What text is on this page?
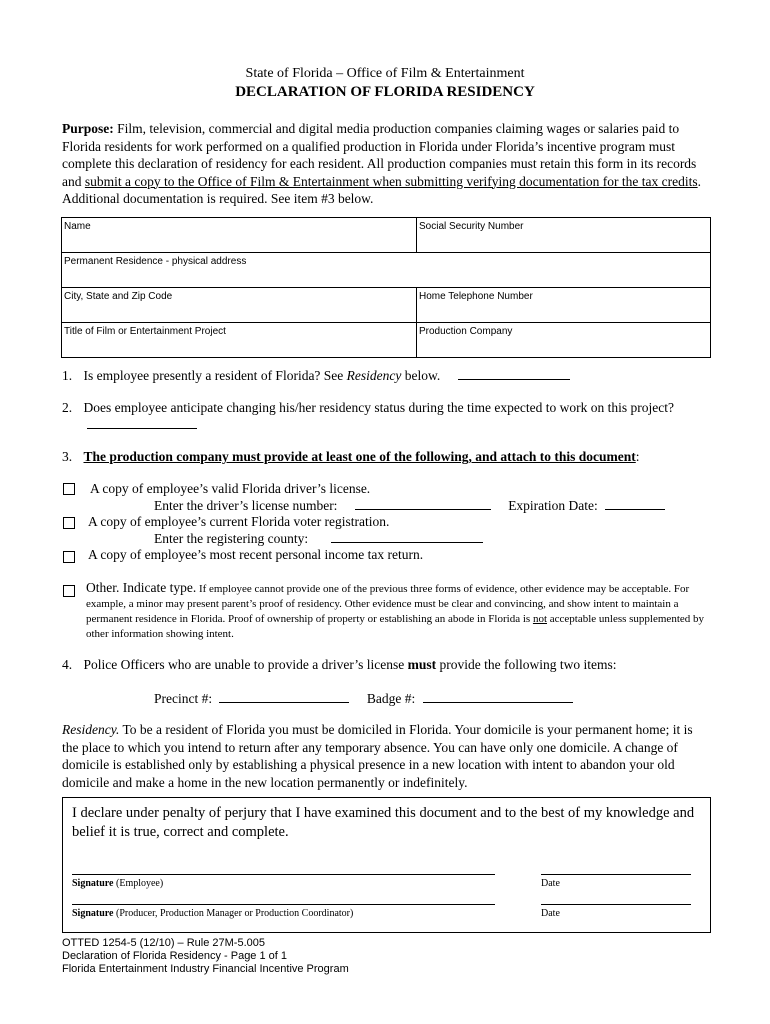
State of Florida – Office of Film & Entertainment
DECLARATION OF FLORIDA RESIDENCY

Purpose: Film, television, commercial and digital media production companies claiming wages or salaries paid to Florida residents for work performed on a qualified production in Florida under Florida’s incentive program must complete this declaration of residency for each resident. All production companies must retain this form in its records and submit a copy to the Office of Film & Entertainment when submitting verifying documentation for the tax credits. Additional documentation is required. See item #3 below.

Name	Social Security Number
Permanent Residence - physical address	
City, State and Zip Code	Home Telephone Number
Title of Film or Entertainment Project	Production Company
1. Is employee presently a resident of Florida? See Residency below.
2. Does employee anticipate changing his/her residency status during the time expected to work on this project?
3. The production company must provide at least one of the following, and attach to this document:
A copy of employee’s valid Florida driver’s license.
Enter the driver’s license number:	Expiration Date:
A copy of employee’s current Florida voter registration.
Enter the registering county:
A copy of employee’s most recent personal income tax return.

Other. Indicate type. If employee cannot provide one of the previous three forms of evidence, other evidence may be acceptable. For example, a minor may present parent’s proof of residency. Other evidence must be clear and convincing, and show intent to maintain a permanent residence in Florida. Proof of ownership of property or establishing an abode in Florida is not acceptable unless supplemented by other information showing intent.

4. Police Officers who are unable to provide a driver’s license must provide the following two items:
Precinct #:	Badge #:

Residency. To be a resident of Florida you must be domiciled in Florida. Your domicile is your permanent home; it is the place to which you intend to return after any temporary absence. You can have only one domicile. A change of domicile is established only by establishing a physical presence in a new location with intent to abandon your old domicile and make a home in the new location permanently or indefinitely.

I declare under penalty of perjury that I have examined this document and to the best of my knowledge and belief it is true, correct and complete.

Signature (Employee)	Date
Signature (Producer, Production Manager or Production Coordinator)	Date
OTTED 1254-5 (12/10) – Rule 27M-5.005
Declaration of Florida Residency - Page 1 of 1
Florida Entertainment Industry Financial Incentive Program
